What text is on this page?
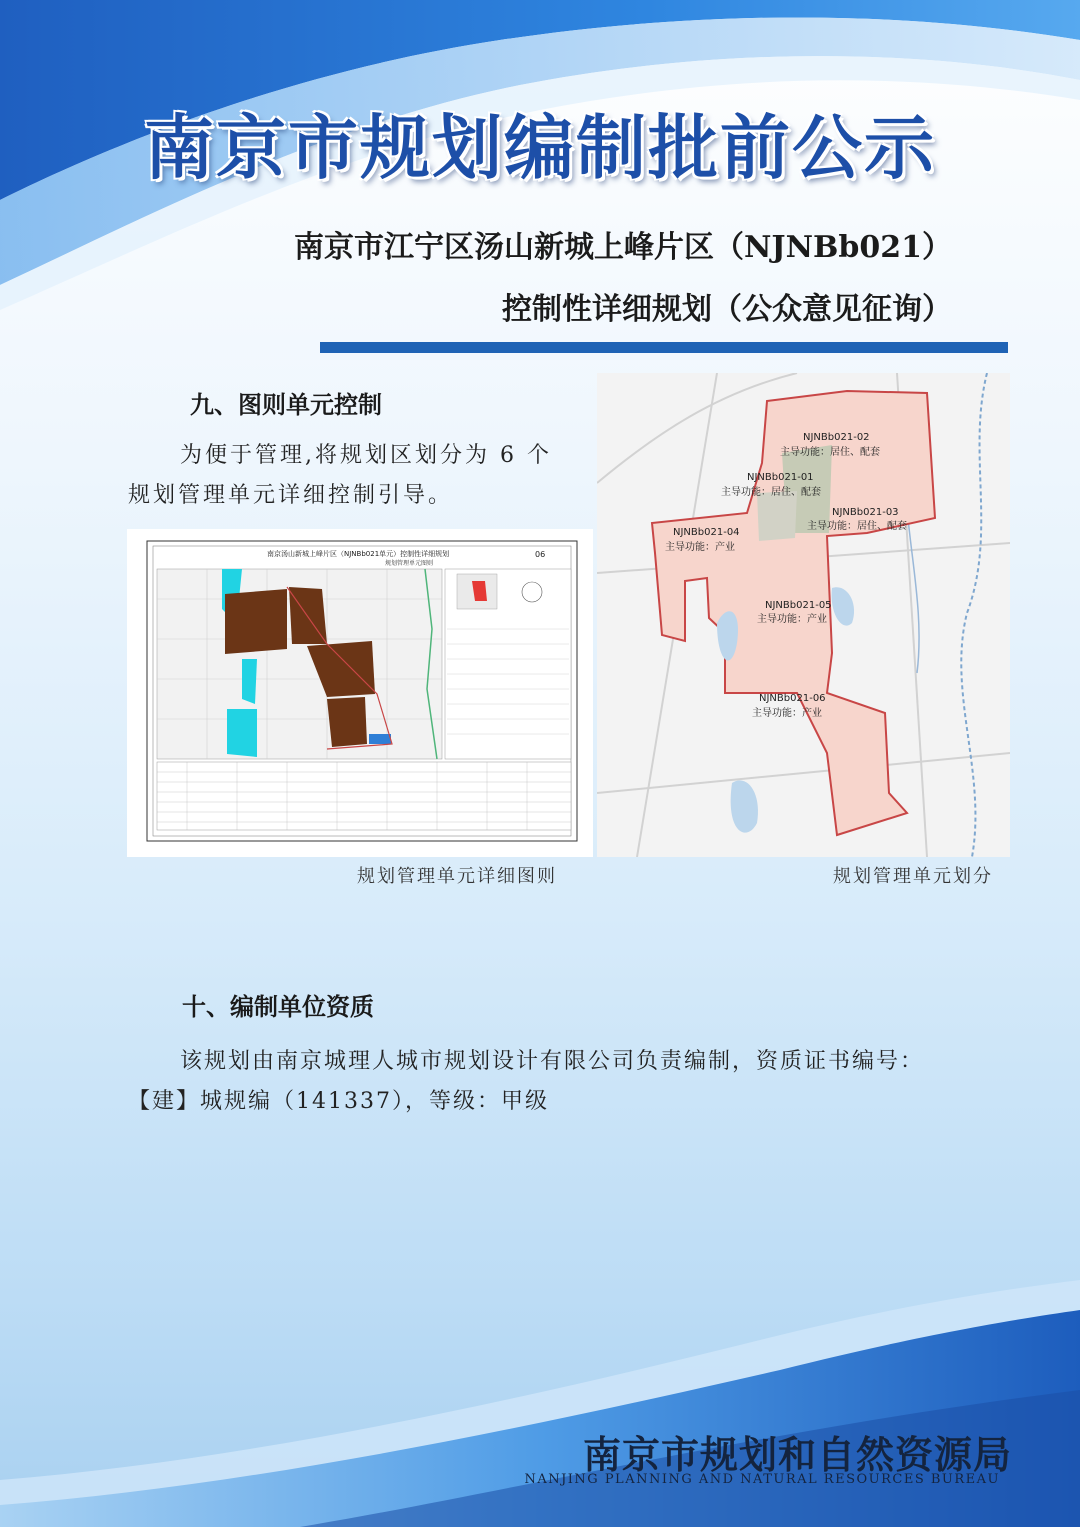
南京市规划编制批前公示
南京市江宁区汤山新城上峰片区（NJNBb021）
控制性详细规划（公众意见征询）
九、图则单元控制
为便于管理,将规划区划分为 6 个
规划管理单元详细控制引导。
南京汤山新城上峰片区（NJNBb021单元）控制性详细规划
规划管理单元图则
06
NJNBb021-02
主导功能：居住、配套
NJNBb021-01
主导功能：居住、配套
NJNBb021-03
主导功能：居住、配套
NJNBb021-04
主导功能：产业
NJNBb021-05
主导功能：产业
NJNBb021-06
主导功能：产业
规划管理单元详细图则	规划管理单元划分
十、编制单位资质
该规划由南京城理人城市规划设计有限公司负责编制，资质证书编号：
【建】城规编（141337），等级：甲级
南京市规划和自然资源局
NANJING PLANNING AND NATURAL RESOURCES BUREAU
